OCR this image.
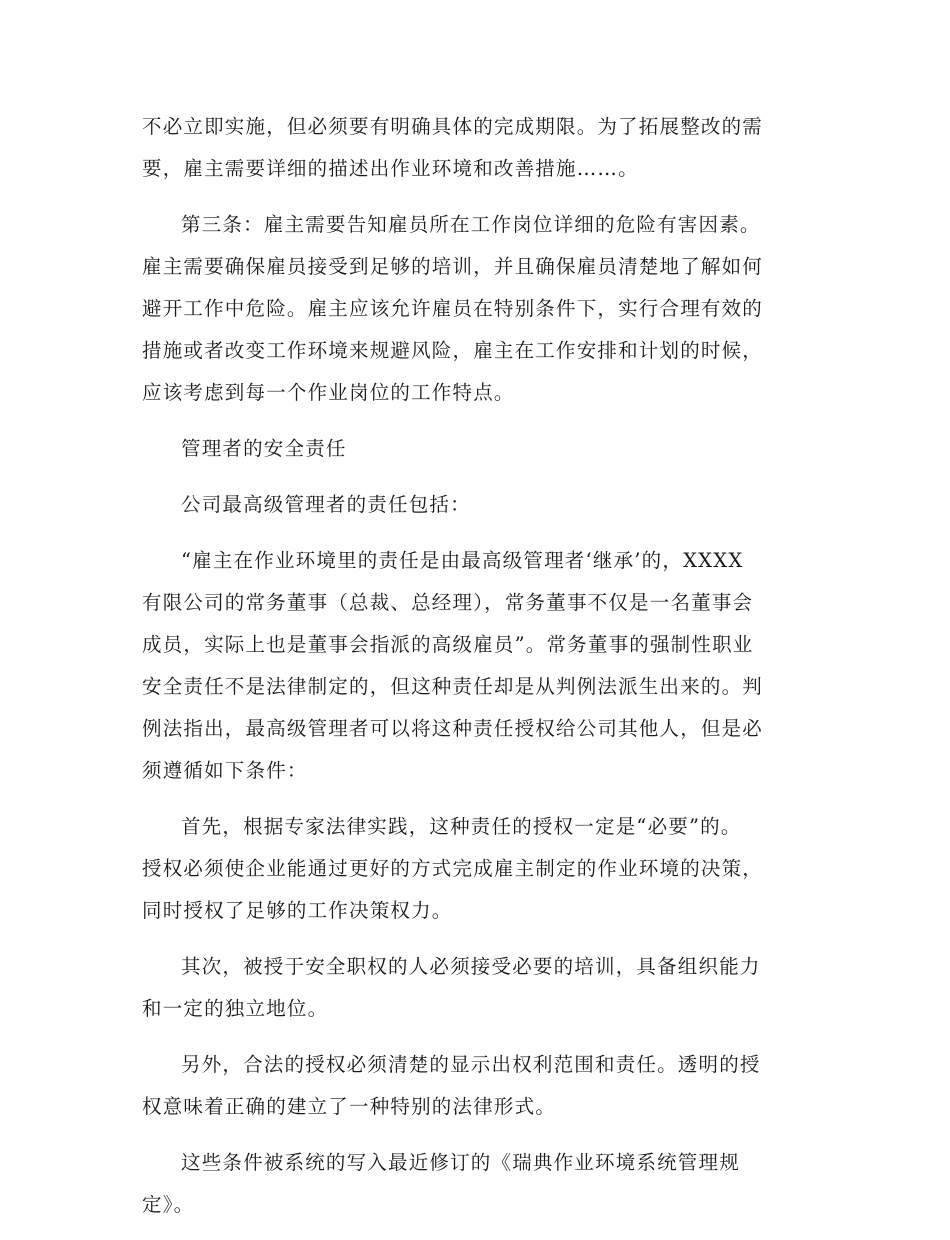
不必立即实施，但必须要有明确具体的完成期限。为了拓展整改的需
要，雇主需要详细的描述出作业环境和改善措施……。

第三条：雇主需要告知雇员所在工作岗位详细的危险有害因素。
雇主需要确保雇员接受到足够的培训，并且确保雇员清楚地了解如何
避开工作中危险。雇主应该允许雇员在特别条件下，实行合理有效的
措施或者改变工作环境来规避风险，雇主在工作安排和计划的时候，
应该考虑到每一个作业岗位的工作特点。

管理者的安全责任

公司最高级管理者的责任包括：

“雇主在作业环境里的责任是由最高级管理者‘继承’的，XXXX
有限公司的常务董事（总裁、总经理），常务董事不仅是一名董事会
成员，实际上也是董事会指派的高级雇员”。常务董事的强制性职业
安全责任不是法律制定的，但这种责任却是从判例法派生出来的。判
例法指出，最高级管理者可以将这种责任授权给公司其他人，但是必
须遵循如下条件：

首先，根据专家法律实践，这种责任的授权一定是“必要”的。
授权必须使企业能通过更好的方式完成雇主制定的作业环境的决策，
同时授权了足够的工作决策权力。

其次，被授于安全职权的人必须接受必要的培训，具备组织能力
和一定的独立地位。

另外，合法的授权必须清楚的显示出权利范围和责任。透明的授
权意味着正确的建立了一种特别的法律形式。

这些条件被系统的写入最近修订的《瑞典作业环境系统管理规
定》。
